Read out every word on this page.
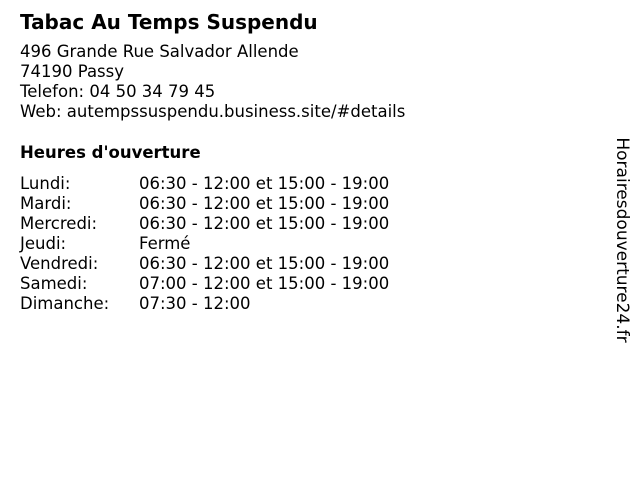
Tabac Au Temps Suspendu
496 Grande Rue Salvador Allende
74190 Passy
Telefon: 04 50 34 79 45
Web: autempssuspendu.business.site/#details
Heures d'ouverture
Lundi:	06:30 - 12:00 et 15:00 - 19:00
Mardi:	06:30 - 12:00 et 15:00 - 19:00
Mercredi:	06:30 - 12:00 et 15:00 - 19:00
Jeudi:	Fermé
Vendredi:	06:30 - 12:00 et 15:00 - 19:00
Samedi:	07:00 - 12:00 et 15:00 - 19:00
Dimanche:	07:30 - 12:00	Horairesdouverture24.fr
